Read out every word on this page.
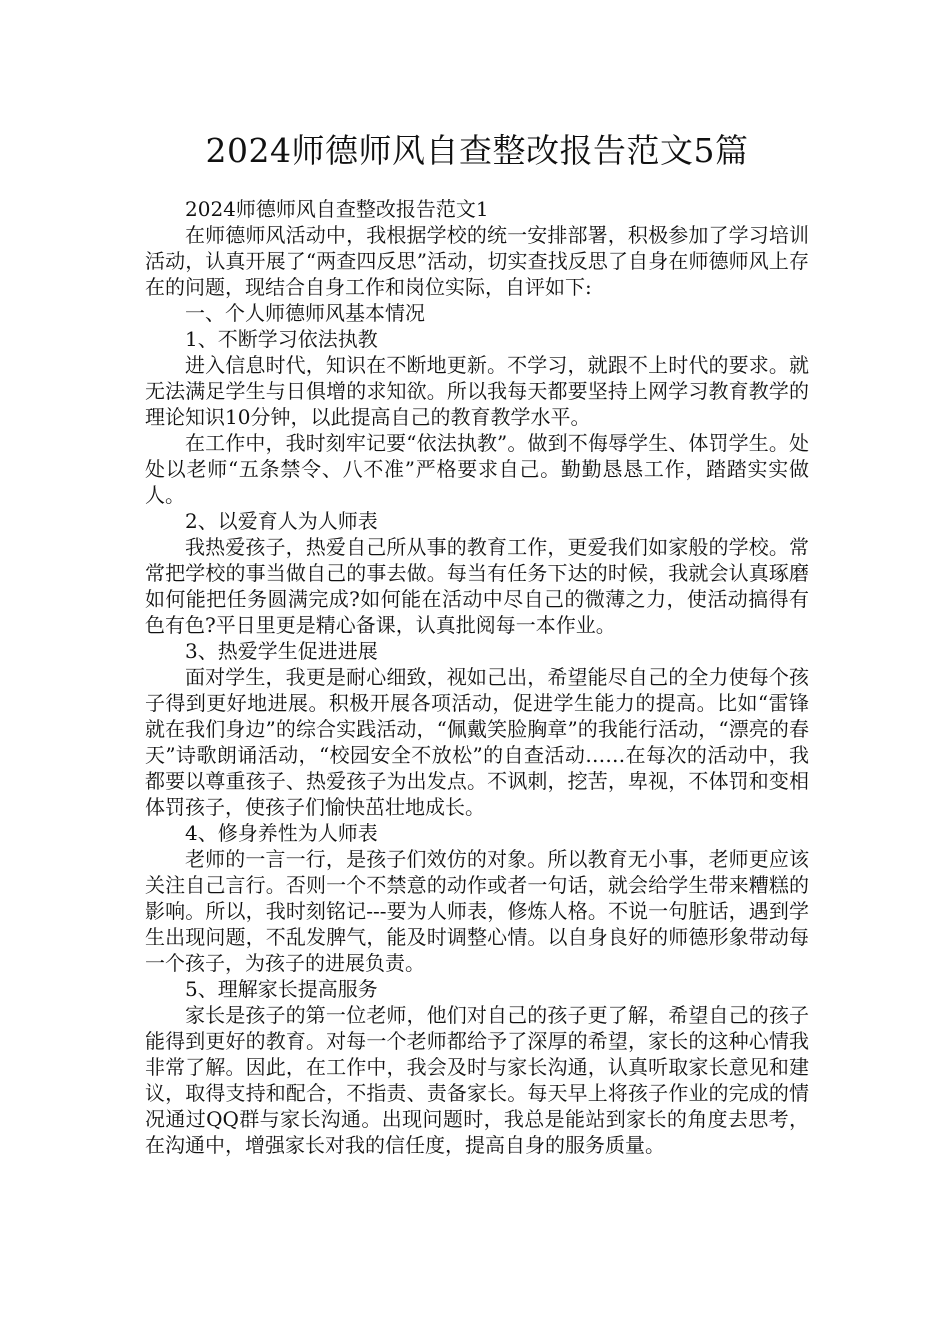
2024师德师风自查整改报告范文5篇

2024师德师风自查整改报告范文1

在师德师风活动中，我根据学校的统一安排部署，积极参加了学习培训活动，认真开展了“两查四反思”活动，切实查找反思了自身在师德师风上存在的问题，现结合自身工作和岗位实际，自评如下:

一、个人师德师风基本情况

1、不断学习依法执教

进入信息时代，知识在不断地更新。不学习，就跟不上时代的要求。就无法满足学生与日俱增的求知欲。所以我每天都要坚持上网学习教育教学的理论知识10分钟，以此提高自己的教育教学水平。

在工作中，我时刻牢记要“依法执教”。做到不侮辱学生、体罚学生。处处以老师“五条禁令、八不准”严格要求自己。勤勤恳恳工作，踏踏实实做人。

2、以爱育人为人师表

我热爱孩子，热爱自己所从事的教育工作，更爱我们如家般的学校。常常把学校的事当做自己的事去做。每当有任务下达的时候，我就会认真琢磨如何能把任务圆满完成?如何能在活动中尽自己的微薄之力，使活动搞得有色有色?平日里更是精心备课，认真批阅每一本作业。

3、热爱学生促进进展

面对学生，我更是耐心细致，视如己出，希望能尽自己的全力使每个孩子得到更好地进展。积极开展各项活动，促进学生能力的提高。比如“雷锋就在我们身边”的综合实践活动，“佩戴笑脸胸章”的我能行活动，“漂亮的春天”诗歌朗诵活动，“校园安全不放松”的自查活动……在每次的活动中，我都要以尊重孩子、热爱孩子为出发点。不讽刺，挖苦，卑视，不体罚和变相体罚孩子，使孩子们愉快茁壮地成长。

4、修身养性为人师表

老师的一言一行，是孩子们效仿的对象。所以教育无小事，老师更应该关注自己言行。否则一个不禁意的动作或者一句话，就会给学生带来糟糕的影响。所以，我时刻铭记---要为人师表，修炼人格。不说一句脏话，遇到学生出现问题，不乱发脾气，能及时调整心情。以自身良好的师德形象带动每一个孩子，为孩子的进展负责。

5、理解家长提高服务

家长是孩子的第一位老师，他们对自己的孩子更了解，希望自己的孩子能得到更好的教育。对每一个老师都给予了深厚的希望，家长的这种心情我非常了解。因此，在工作中，我会及时与家长沟通，认真听取家长意见和建议，取得支持和配合，不指责、责备家长。每天早上将孩子作业的完成的情况通过QQ群与家长沟通。出现问题时，我总是能站到家长的角度去思考，在沟通中，增强家长对我的信任度，提高自身的服务质量。
